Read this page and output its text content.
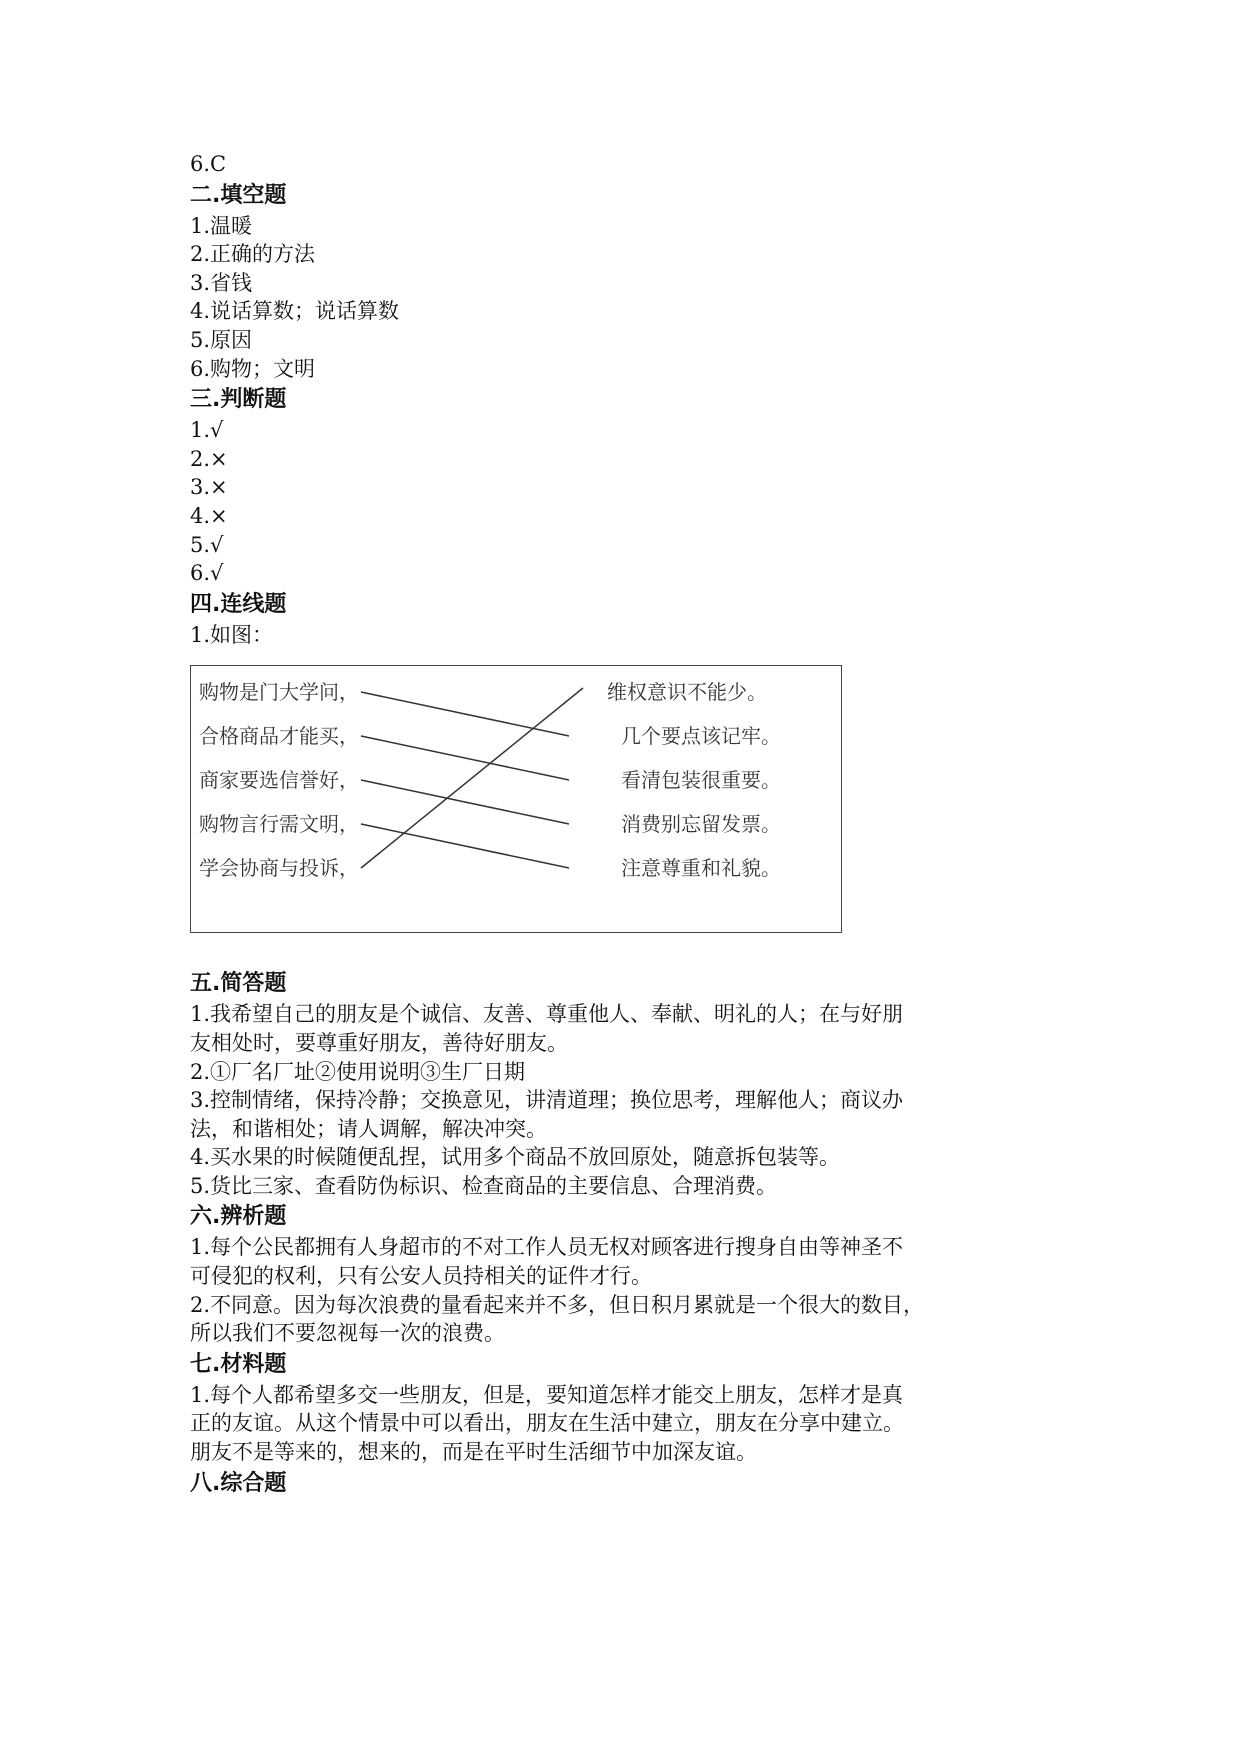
6.C
二.填空题
1.温暖
2.正确的方法
3.省钱
4.说话算数；说话算数
5.原因
6.购物；文明
三.判断题
1.√
2.×
3.×
4.×
5.√
6.√
四.连线题
1.如图：
购物是门大学问，
合格商品才能买，
商家要选信誉好，
购物言行需文明，
学会协商与投诉，
维权意识不能少。
几个要点该记牢。
看清包装很重要。
消费别忘留发票。
注意尊重和礼貌。
五.简答题
1.我希望自己的朋友是个诚信、友善、尊重他人、奉献、明礼的人；在与好朋
友相处时，要尊重好朋友，善待好朋友。
2.①厂名厂址②使用说明③生厂日期
3.控制情绪，保持冷静；交换意见，讲清道理；换位思考，理解他人；商议办
法，和谐相处；请人调解，解决冲突。
4.买水果的时候随便乱捏，试用多个商品不放回原处，随意拆包装等。
5.货比三家、查看防伪标识、检查商品的主要信息、合理消费。
六.辨析题
1.每个公民都拥有人身超市的不对工作人员无权对顾客进行搜身自由等神圣不
可侵犯的权利，只有公安人员持相关的证件才行。
2.不同意。因为每次浪费的量看起来并不多，但日积月累就是一个很大的数目，
所以我们不要忽视每一次的浪费。
七.材料题
1.每个人都希望多交一些朋友，但是，要知道怎样才能交上朋友，怎样才是真
正的友谊。从这个情景中可以看出，朋友在生活中建立，朋友在分享中建立。
朋友不是等来的，想来的，而是在平时生活细节中加深友谊。
八.综合题
